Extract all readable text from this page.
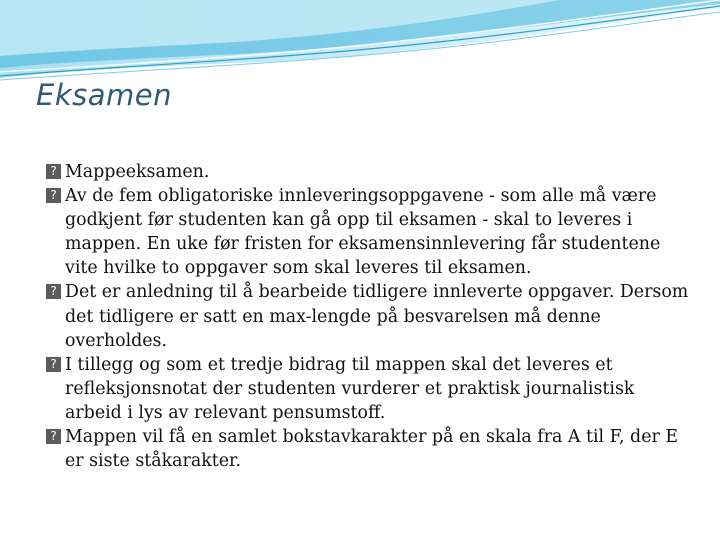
Eksamen
? Mappeeksamen.
? Av de fem obligatoriske innleveringsoppgavene - som alle må være godkjent før studenten kan gå opp til eksamen - skal to leveres i mappen. En uke før fristen for eksamensinnlevering får studentene vite hvilke to oppgaver som skal leveres til eksamen.
? Det er anledning til å bearbeide tidligere innleverte oppgaver. Dersom det tidligere er satt en max-lengde på besvarelsen må denne overholdes.
? I tillegg og som et tredje bidrag til mappen skal det leveres et refleksjonsnotat der studenten vurderer et praktisk journalistisk arbeid i lys av relevant pensumstoff.
? Mappen vil få en samlet bokstavkarakter på en skala fra A til F, der E er siste ståkarakter.
